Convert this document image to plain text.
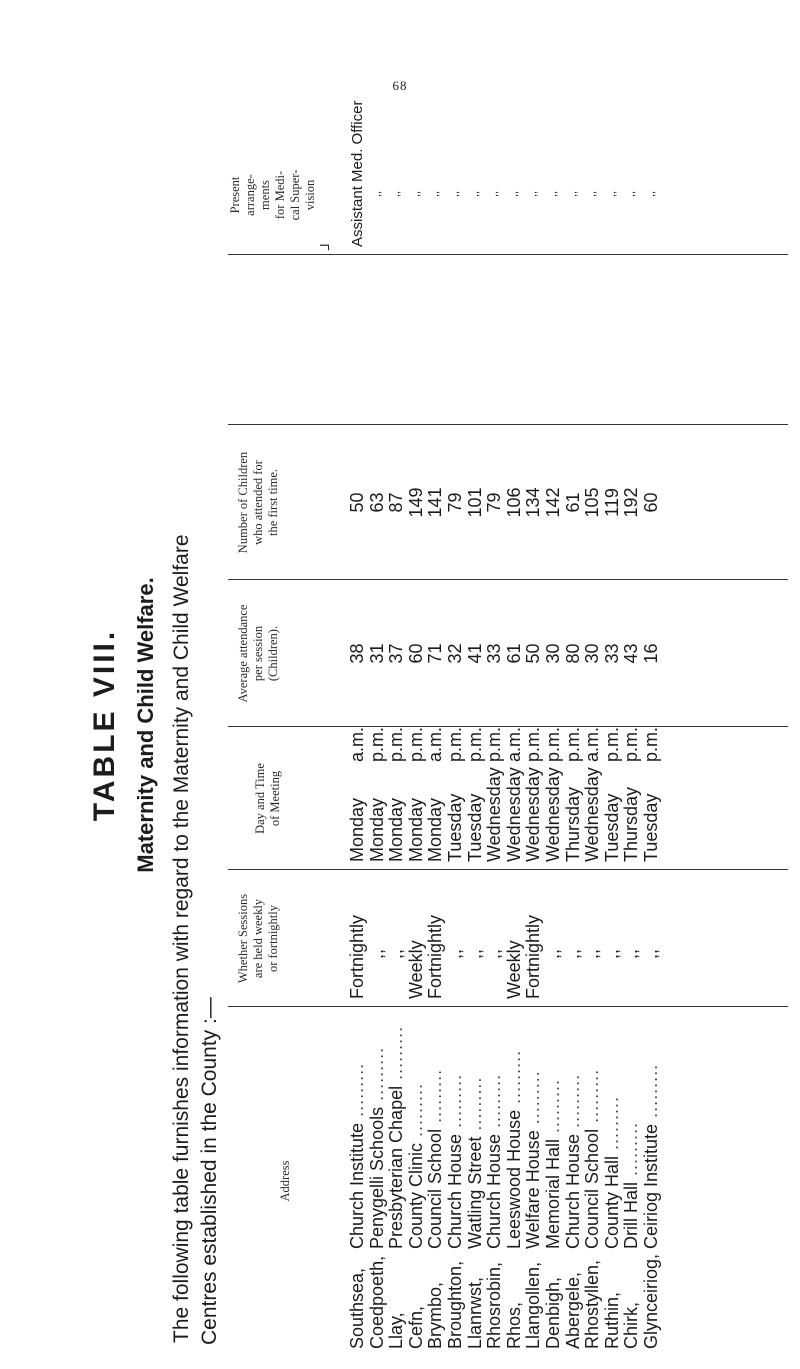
68
TABLE VIII. Maternity and Child Welfare. The following table furnishes information with regard to the Maternity and Child Welfare Centres established in the County :—	Address
Whether Sessions are held weekly or fortnightly
Day and Time of Meeting
Average attendance per session (Children).
Number of Children who attended for the first time.
Present arrange- ments for Medi- cal Super- vision
ᒧ
Southsea,Church Institute .........
Coedpoeth,Penygelli Schools .........
Llay,Presbyterian Chapel .........
Cefn,County Clinic .........
Brymbo,Council School .........
Broughton,Church House .........
Llanrwst,Watling Street .........
Rhosrobin,Church House .........
Rhos,Leeswood House .........
Llangollen,Welfare House .........
Denbigh,Memorial Hall .........
Abergele,Church House .........
Rhostyllen,Council School .........
Ruthin,County Hall .........
Chirk,Drill Hall .........
Glynceiriog,Ceiriog Institute .........
Fortnightly ,, ,, Weekly Fortnightly ,, ,, ,, Weekly Fortnightly ,, ,, ,, ,, ,, ,,
Mondaya.m.
Mondayp.m.
Mondayp.m.
Mondayp.m.
Mondaya.m.
Tuesdayp.m.
Tuesdayp.m.
Wednesdayp.m.
Wednesdaya.m.
Wednesdayp.m.
Wednesdayp.m.
Thursdayp.m.
Wednesdaya.m.
Tuesdayp.m.
Thursdayp.m.
Tuesdayp.m.
38 31 37 60 71 32 41 33 61 50 30 80 30 33 43 16
50 63 87 149 141 79 101 79 106 134 142 61 105 119 192 60
Assistant Med. Officer ,, ,, ,, ,, ,, ,, ,, ,, ,, ,, ,, ,, ,, ,, ,,
